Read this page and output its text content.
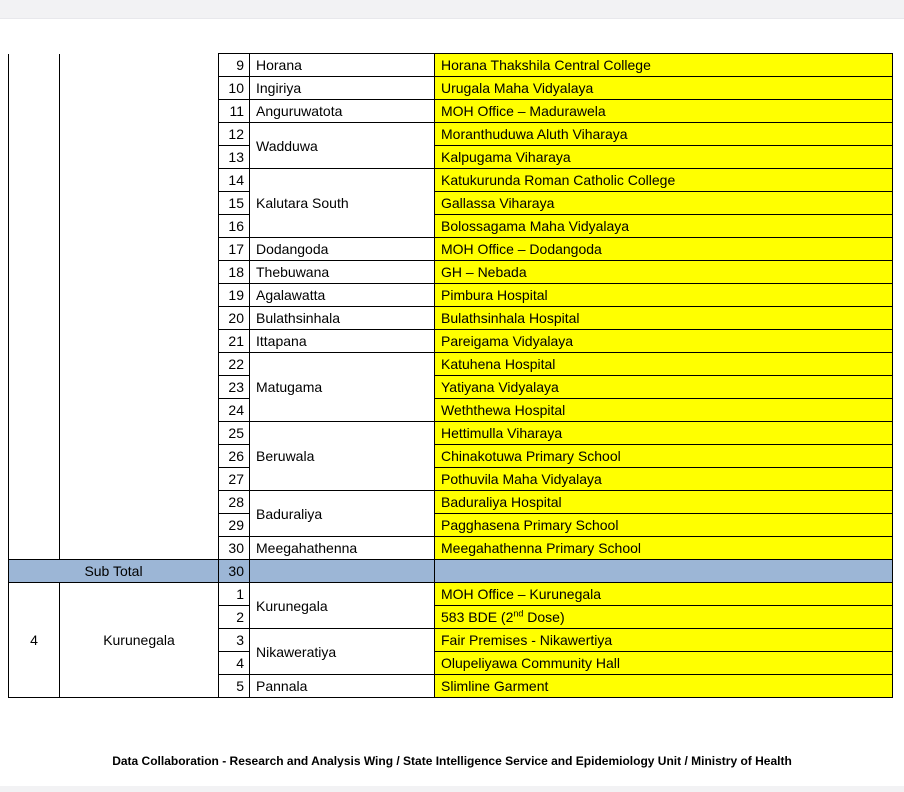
		9	Horana	Horana Thakshila Central College
		10	Ingiriya	Urugala Maha Vidyalaya
		11	Anguruwatota	MOH Office – Madurawela
		12	Wadduwa	Moranthuduwa Aluth Viharaya
		13		Kalpugama Viharaya
		14	Kalutara South	Katukurunda Roman Catholic College
		15		Gallassa Viharaya
		16		Bolossagama Maha Vidyalaya
		17	Dodangoda	MOH Office – Dodangoda
		18	Thebuwana	GH – Nebada
		19	Agalawatta	Pimbura Hospital
		20	Bulathsinhala	Bulathsinhala Hospital
		21	Ittapana	Pareigama Vidyalaya
		22	Matugama	Katuhena Hospital
		23		Yatiyana Vidyalaya
		24		Weththewa Hospital
		25	Beruwala	Hettimulla Viharaya
		26		Chinakotuwa Primary School
		27		Pothuvila Maha Vidyalaya
		28	Baduraliya	Baduraliya Hospital
		29		Pagghasena Primary School
		30	Meegahathenna	Meegahathenna Primary School
Sub Total		30		
4	Kurunegala	1	Kurunegala	MOH Office – Kurunegala
		2		583 BDE (2nd Dose)
		3	Nikaweratiya	Fair Premises - Nikawertiya
		4		Olupeliyawa Community Hall
		5	Pannala	Slimline Garment
Data Collaboration - Research and Analysis Wing / State Intelligence Service and Epidemiology Unit / Ministry of Health
